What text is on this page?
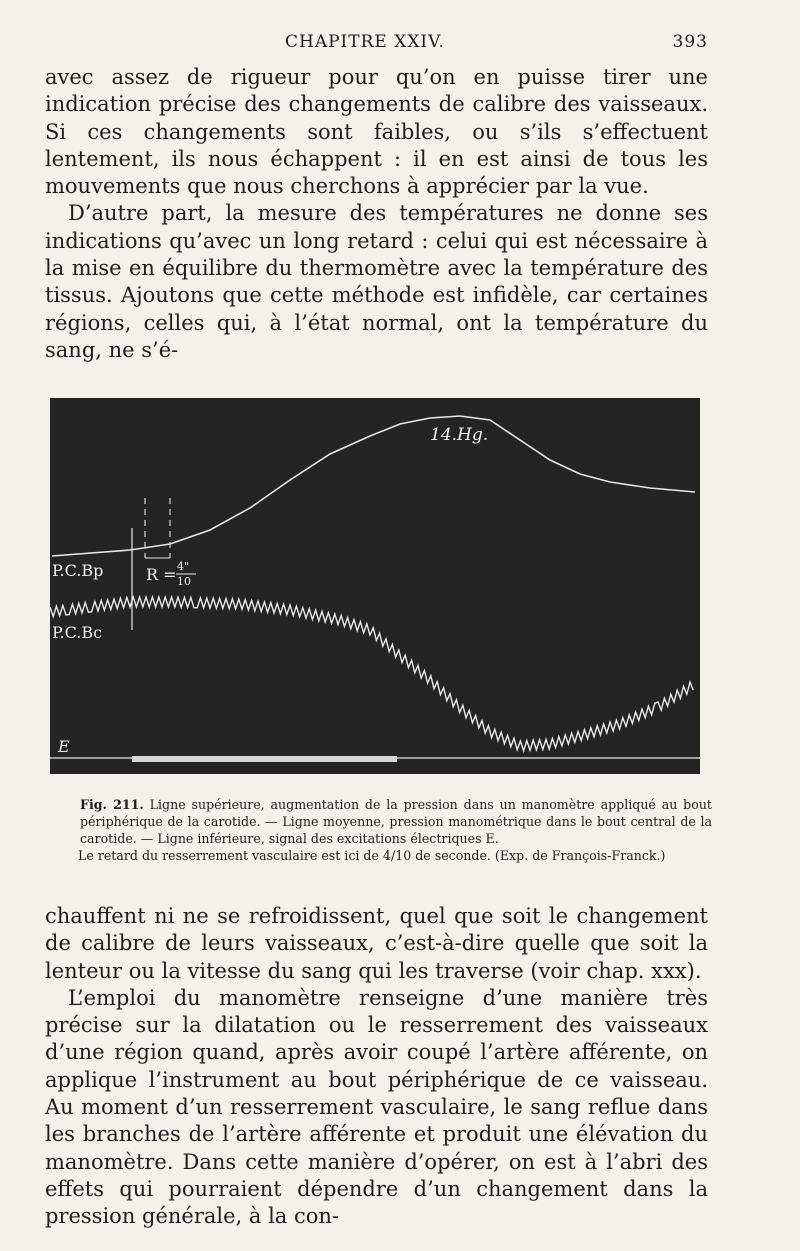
CHAPITRE XXIV.	393

avec assez de rigueur pour qu’on en puisse tirer une indication précise des changements de calibre des vaisseaux. Si ces changements sont faibles, ou s’ils s’effectuent lentement, ils nous échappent : il en est ainsi de tous les mouvements que nous cherchons à apprécier par la vue.

D’autre part, la mesure des températures ne donne ses indications qu’avec un long retard : celui qui est nécessaire à la mise en équilibre du thermomètre avec la température des tissus. Ajoutons que cette méthode est infidèle, car certaines régions, celles qui, à l’état normal, ont la température du sang, ne s’é-

14.Hg.
P.C.Bp
P.C.Bc
R = 4"
10
E

Fig. 211. Ligne supérieure, augmentation de la pression dans un manomètre appliqué au bout périphérique de la carotide. — Ligne moyenne, pression manométrique dans le bout central de la carotide. — Ligne inférieure, signal des excitations électriques E.

Le retard du resserrement vasculaire est ici de 4/10 de seconde. (Exp. de François-Franck.)

chauffent ni ne se refroidissent, quel que soit le changement de calibre de leurs vaisseaux, c’est-à-dire quelle que soit la lenteur ou la vitesse du sang qui les traverse (voir chap. xxx).

L’emploi du manomètre renseigne d’une manière très précise sur la dilatation ou le resserrement des vaisseaux d’une région quand, après avoir coupé l’artère afférente, on applique l’instrument au bout périphérique de ce vaisseau. Au moment d’un resserrement vasculaire, le sang reflue dans les branches de l’artère afférente et produit une élévation du manomètre. Dans cette manière d’opérer, on est à l’abri des effets qui pourraient dépendre d’un changement dans la pression générale, à la con-
